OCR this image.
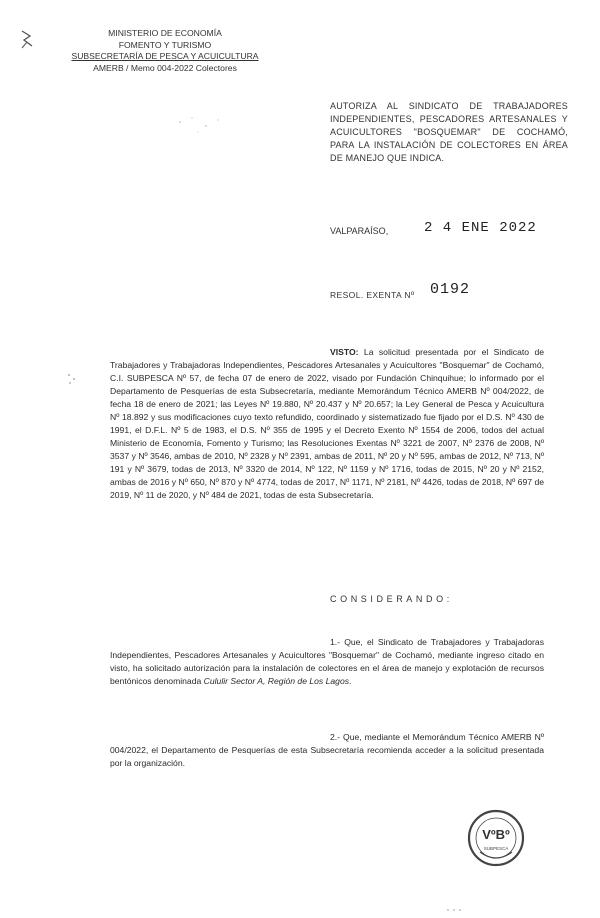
MINISTERIO DE ECONOMÍA
FOMENTO Y TURISMO
SUBSECRETARÍA DE PESCA Y ACUICULTURA
AMERB / Memo 004-2022 Colectores
AUTORIZA AL SINDICATO DE TRABAJADORES INDEPENDIENTES, PESCADORES ARTESANALES Y ACUICULTORES "BOSQUEMAR" DE COCHAMÓ, PARA LA INSTALACIÓN DE COLECTORES EN ÁREA DE MANEJO QUE INDICA.
VALPARAÍSO,	2 4 ENE 2022
RESOL. EXENTA Nº 0192
VISTO: La solicitud presentada por el Sindicato de Trabajadores y Trabajadoras Independientes, Pescadores Artesanales y Acuicultores "Bosquemar" de Cochamó, C.I. SUBPESCA Nº 57, de fecha 07 de enero de 2022, visado por Fundación Chinquihue; lo informado por el Departamento de Pesquerías de esta Subsecretaría, mediante Memorándum Técnico AMERB Nº 004/2022, de fecha 18 de enero de 2021; las Leyes Nº 19.880, Nº 20.437 y Nº 20.657; la Ley General de Pesca y Acuicultura Nº 18.892 y sus modificaciones cuyo texto refundido, coordinado y sistematizado fue fijado por el D.S. Nº 430 de 1991, el D.F.L. Nº 5 de 1983, el D.S. Nº 355 de 1995 y el Decreto Exento Nº 1554 de 2006, todos del actual Ministerio de Economía, Fomento y Turismo; las Resoluciones Exentas Nº 3221 de 2007, Nº 2376 de 2008, Nº 3537 y Nº 3546, ambas de 2010, Nº 2328 y Nº 2391, ambas de 2011, Nº 20 y Nº 595, ambas de 2012, Nº 713, Nº 191 y Nº 3679, todas de 2013, Nº 3320 de 2014, Nº 122, Nº 1159 y Nº 1716, todas de 2015, Nº 20 y Nº 2152, ambas de 2016 y Nº 650, Nº 870 y Nº 4774, todas de 2017, Nº 1171, Nº 2181, Nº 4426, todas de 2018, Nº 697 de 2019, Nº 11 de 2020, y Nº 484 de 2021, todas de esta Subsecretaría.
CONSIDERANDO:
1.- Que, el Sindicato de Trabajadores y Trabajadoras Independientes, Pescadores Artesanales y Acuicultores "Bosquemar" de Cochamó, mediante ingreso citado en visto, ha solicitado autorización para la instalación de colectores en el área de manejo y explotación de recursos bentónicos denominada Cululir Sector A, Región de Los Lagos.
2.- Que, mediante el Memorándum Técnico AMERB Nº 004/2022, el Departamento de Pesquerías de esta Subsecretaría recomienda acceder a la solicitud presentada por la organización.
VºBº
SUBPESCA
